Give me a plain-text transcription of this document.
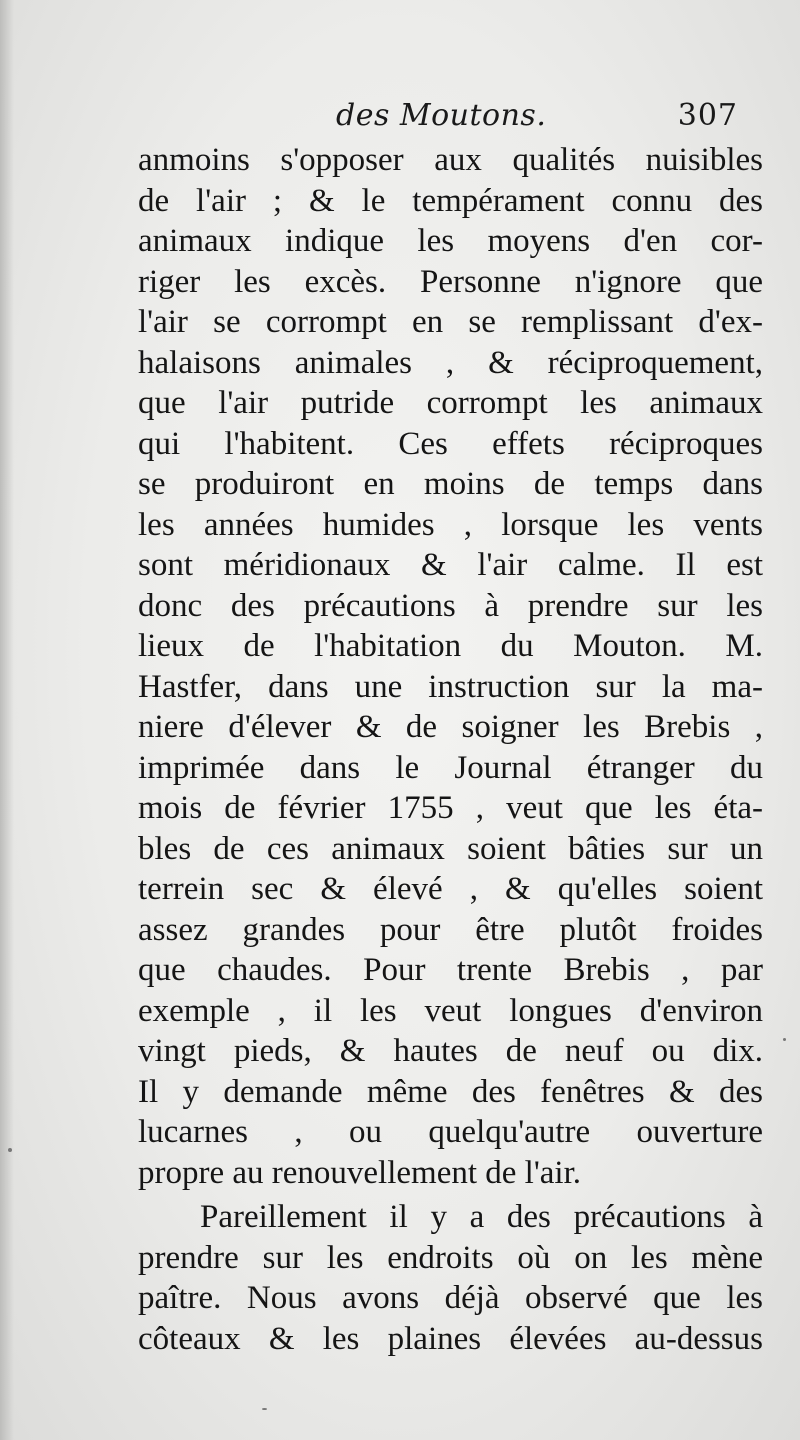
des Moutons.	307
anmoins s'opposer aux qualités nuisibles
de l'air ; & le tempérament connu des
animaux indique les moyens d'en cor-
riger les excès. Personne n'ignore que
l'air se corrompt en se remplissant d'ex-
halaisons animales , & réciproquement,
que l'air putride corrompt les animaux
qui l'habitent. Ces effets réciproques
se produiront en moins de temps dans
les années humides , lorsque les vents
sont méridionaux & l'air calme. Il est
donc des précautions à prendre sur les
lieux de l'habitation du Mouton. M.
Hastfer, dans une instruction sur la ma-
niere d'élever & de soigner les Brebis ,
imprimée dans le Journal étranger du
mois de février 1755 , veut que les éta-
bles de ces animaux soient bâties sur un
terrein sec & élevé , & qu'elles soient
assez grandes pour être plutôt froides
que chaudes. Pour trente Brebis , par
exemple , il les veut longues d'environ
vingt pieds, & hautes de neuf ou dix.
Il y demande même des fenêtres & des
lucarnes , ou quelqu'autre ouverture
propre au renouvellement de l'air.
Pareillement il y a des précautions à
prendre sur les endroits où on les mène
paître. Nous avons déjà observé que les
côteaux & les plaines élevées au-dessus
